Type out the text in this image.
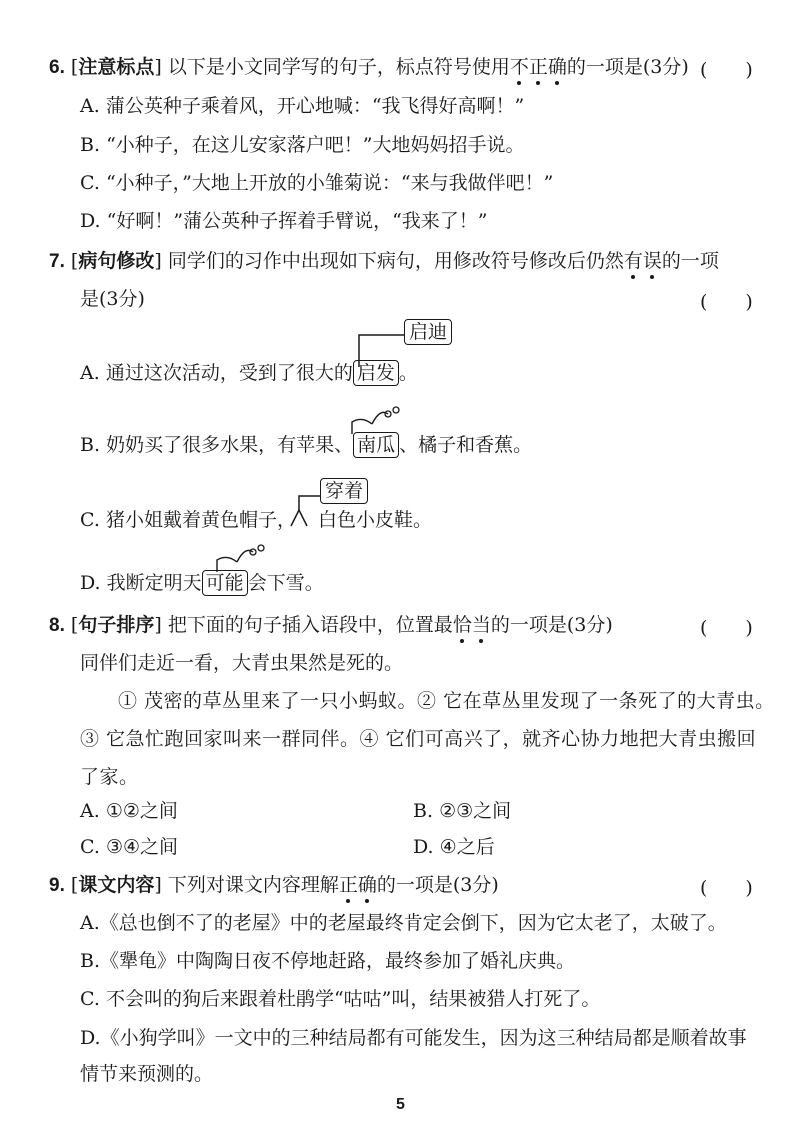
6. [注意标点] 以下是小文同学写的句子，标点符号使用不正确的一项是(3分) (　　)
A. 蒲公英种子乘着风，开心地喊：“我飞得好高啊！”
B. “小种子，在这儿安家落户吧！”大地妈妈招手说。
C. “小种子，”大地上开放的小雏菊说：“来与我做伴吧！”
D. “好啊！”蒲公英种子挥着手臂说，“我来了！”
7. [病句修改] 同学们的习作中出现如下病句，用修改符号修改后仍然有误的一项
是(3分)	(　　)
启迪
A. 通过这次活动，受到了很大的 启发 。
B. 奶奶买了很多水果，有苹果、 南瓜 、橘子和香蕉。
穿着
C. 猪小姐戴着黄色帽子， 白色小皮鞋。
D. 我断定明天 可能 会下雪。
8. [句子排序] 把下面的句子插入语段中，位置最恰当的一项是(3分)	(　　)
同伴们走近一看，大青虫果然是死的。
① 茂密的草丛里来了一只小蚂蚁。② 它在草丛里发现了一条死了的大青虫。
③ 它急忙跑回家叫来一群同伴。④ 它们可高兴了，就齐心协力地把大青虫搬回
了家。
A. ①②之间	B. ②③之间
C. ③④之间	D. ④之后
9. [课文内容] 下列对课文内容理解正确的一项是(3分)	(　　)
A.《总也倒不了的老屋》中的老屋最终肯定会倒下，因为它太老了，太破了。
B.《犟龟》中陶陶日夜不停地赶路，最终参加了婚礼庆典。
C. 不会叫的狗后来跟着杜鹃学“咕咕”叫，结果被猎人打死了。
D.《小狗学叫》一文中的三种结局都有可能发生，因为这三种结局都是顺着故事
情节来预测的。
5
